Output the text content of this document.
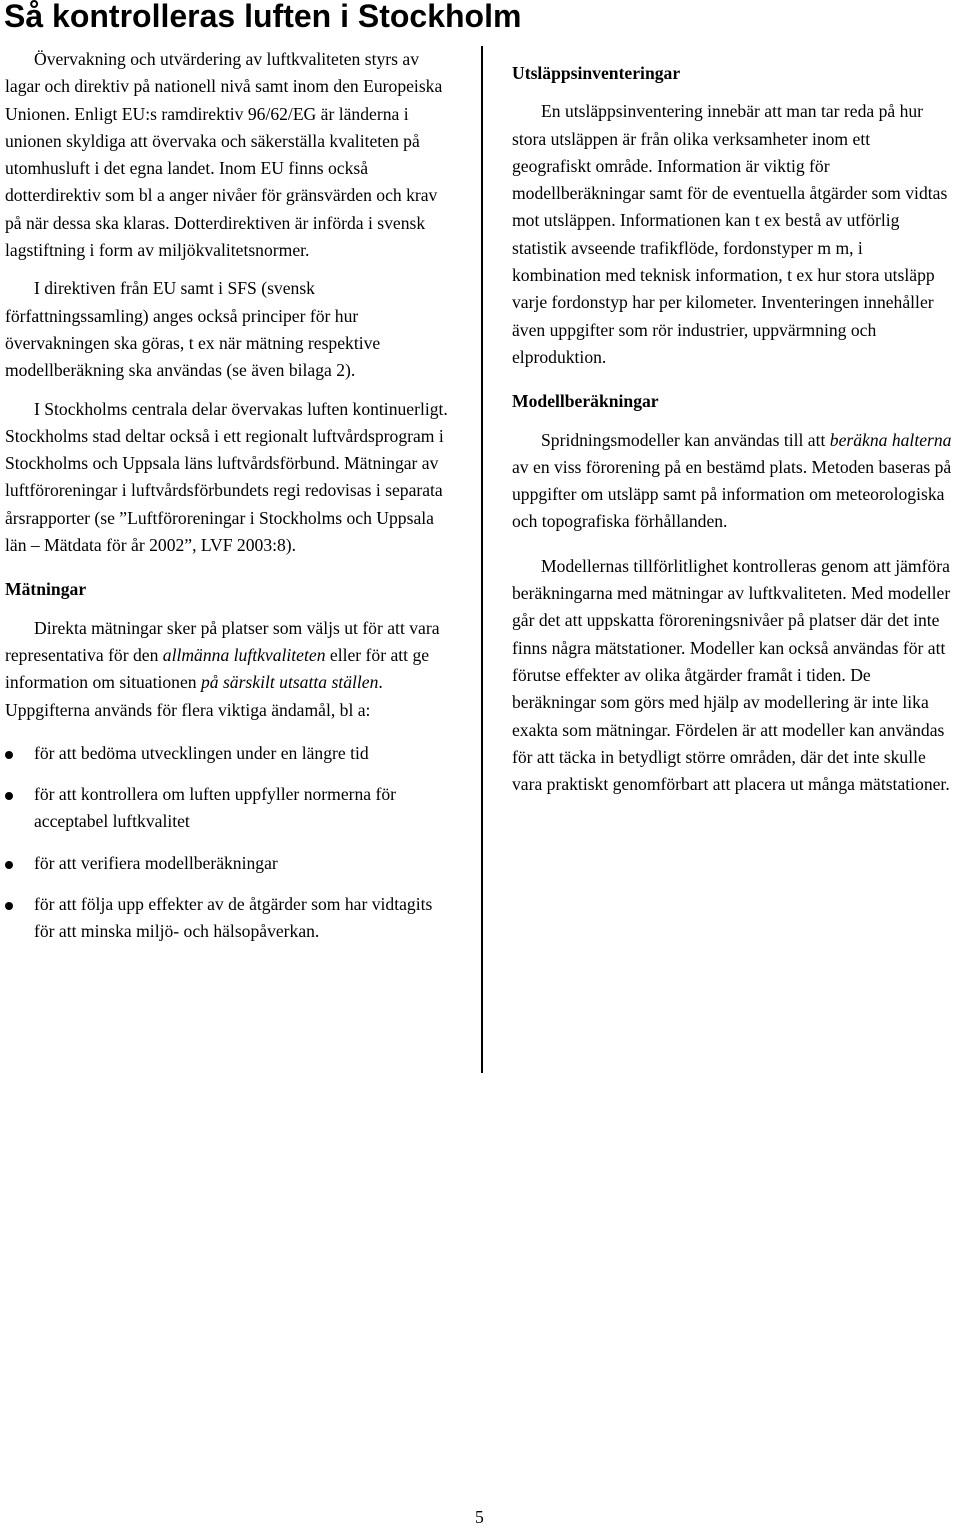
Så kontrolleras luften i Stockholm

Övervakning och utvärdering av luftkvaliteten styrs av lagar och direktiv på nationell nivå samt inom den Europeiska Unionen. Enligt EU:s ramdirektiv 96/62/EG är länderna i unionen skyldiga att övervaka och säkerställa kvaliteten på utomhusluft i det egna landet. Inom EU finns också dotterdirektiv som bl a anger nivåer för gränsvärden och krav på när dessa ska klaras. Dotterdirektiven är införda i svensk lagstiftning i form av miljökvalitetsnormer.

I direktiven från EU samt i SFS (svensk författningssamling) anges också principer för hur övervakningen ska göras, t ex när mätning respektive modellberäkning ska användas (se även bilaga 2).

I Stockholms centrala delar övervakas luften kontinuerligt. Stockholms stad deltar också i ett regionalt luftvårdsprogram i Stockholms och Uppsala läns luftvårdsförbund. Mätningar av luftföroreningar i luftvårdsförbundets regi redovisas i separata årsrapporter (se ”Luftföroreningar i Stockholms och Uppsala län – Mätdata för år 2002”, LVF 2003:8).

Mätningar

Direkta mätningar sker på platser som väljs ut för att vara representativa för den allmänna luftkvaliteten eller för att ge information om situationen på särskilt utsatta ställen. Uppgifterna används för flera viktiga ändamål, bl a:

för att bedöma utvecklingen under en längre tid
för att kontrollera om luften uppfyller normerna för acceptabel luftkvalitet
för att verifiera modellberäkningar
för att följa upp effekter av de åtgärder som har vidtagits för att minska miljö- och hälsopåverkan.

Utsläppsinventeringar

En utsläppsinventering innebär att man tar reda på hur stora utsläppen är från olika verksamheter inom ett geografiskt område. Information är viktig för modellberäkningar samt för de eventuella åtgärder som vidtas mot utsläppen. Informationen kan t ex bestå av utförlig statistik avseende trafikflöde, fordonstyper m m, i kombination med teknisk information, t ex hur stora utsläpp varje fordonstyp har per kilometer. Inventeringen innehåller även uppgifter som rör industrier, uppvärmning och elproduktion.

Modellberäkningar

Spridningsmodeller kan användas till att beräkna halterna av en viss förorening på en bestämd plats. Metoden baseras på uppgifter om utsläpp samt på information om meteorologiska och topografiska förhållanden.

Modellernas tillförlitlighet kontrolleras genom att jämföra beräkningarna med mätningar av luftkvaliteten. Med modeller går det att uppskatta föroreningsnivåer på platser där det inte finns några mätstationer. Modeller kan också användas för att förutse effekter av olika åtgärder framåt i tiden. De beräkningar som görs med hjälp av modellering är inte lika exakta som mätningar. Fördelen är att modeller kan användas för att täcka in betydligt större områden, där det inte skulle vara praktiskt genomförbart att placera ut många mätstationer.

5
